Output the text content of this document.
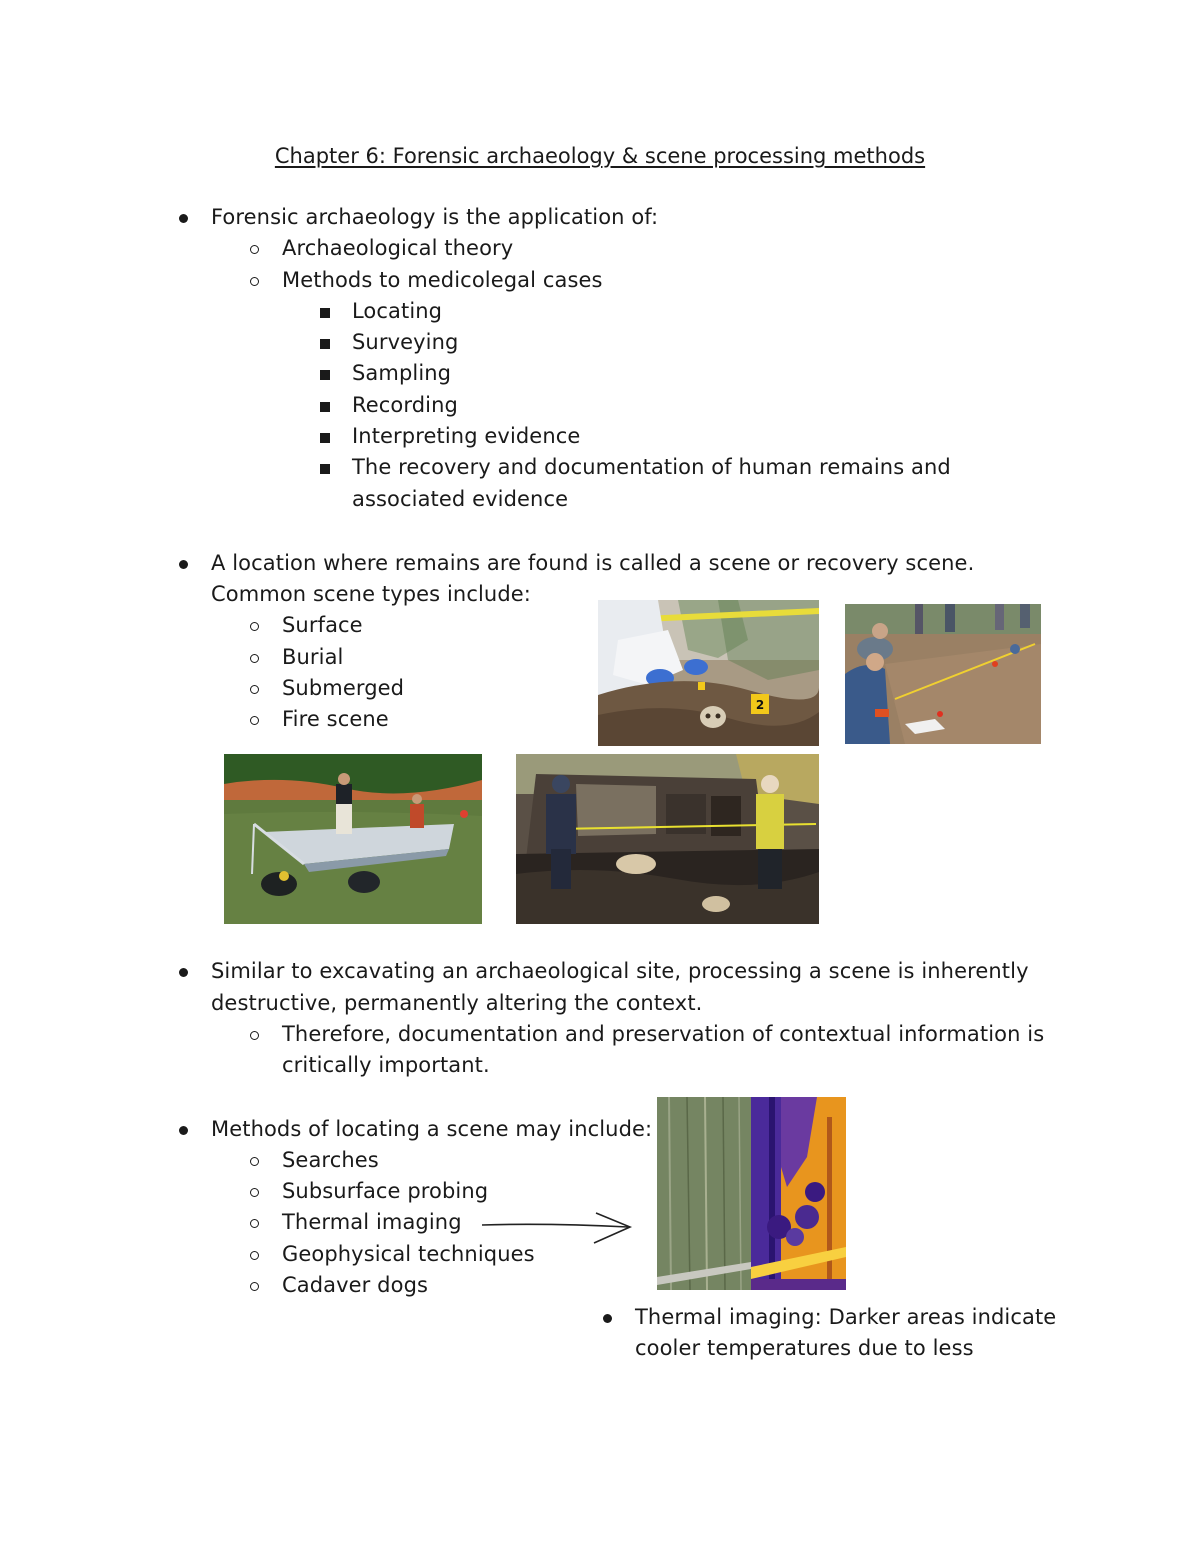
Chapter 6: Forensic archaeology & scene processing methods
Forensic archaeology is the application of:
Archaeological theory
Methods to medicolegal cases
Locating
Surveying
Sampling
Recording
Interpreting evidence
The recovery and documentation of human remains and
associated evidence
A location where remains are found is called a scene or recovery scene.
Common scene types include:
Surface
Burial
Submerged
Fire scene
2
Similar to excavating an archaeological site, processing a scene is inherently
destructive, permanently altering the context.
Therefore, documentation and preservation of contextual information is
critically important.
Methods of locating a scene may include:
Searches
Subsurface probing
Thermal imaging
Geophysical techniques
Cadaver dogs
Thermal imaging: Darker areas indicate
cooler temperatures due to less
